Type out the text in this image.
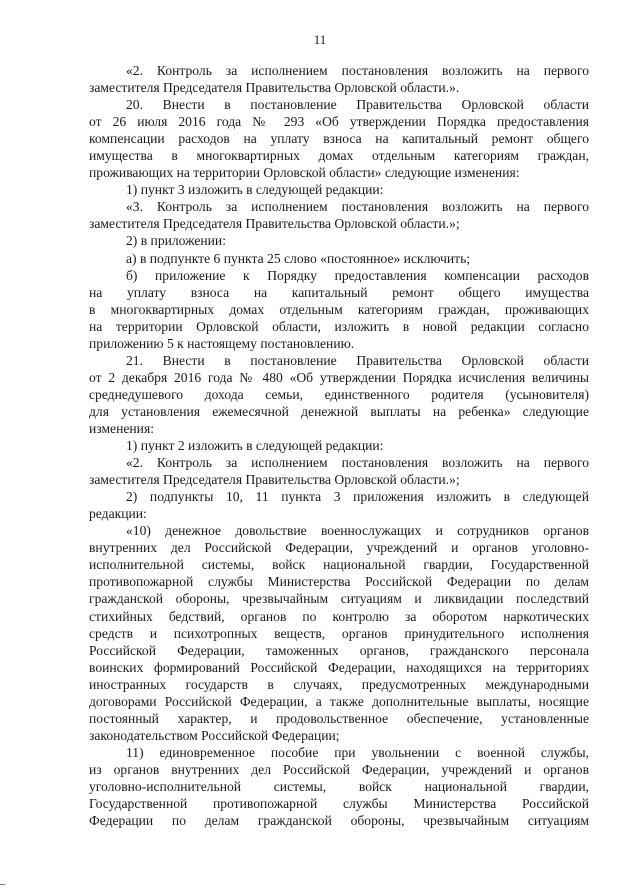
11
«2. Контроль за исполнением постановления возложить на первого
заместителя Председателя Правительства Орловской области.».
20. Внести в постановление Правительства Орловской области
от 26 июля 2016 года № 293 «Об утверждении Порядка предоставления
компенсации расходов на уплату взноса на капитальный ремонт общего
имущества в многоквартирных домах отдельным категориям граждан,
проживающих на территории Орловской области» следующие изменения:
1) пункт 3 изложить в следующей редакции:
«3. Контроль за исполнением постановления возложить на первого
заместителя Председателя Правительства Орловской области.»;
2) в приложении:
а) в подпункте 6 пункта 25 слово «постоянное» исключить;
б) приложение к Порядку предоставления компенсации расходов
на уплату взноса на капитальный ремонт общего имущества
в многоквартирных домах отдельным категориям граждан, проживающих
на территории Орловской области, изложить в новой редакции согласно
приложению 5 к настоящему постановлению.
21. Внести в постановление Правительства Орловской области
от 2 декабря 2016 года № 480 «Об утверждении Порядка исчисления величины
среднедушевого дохода семьи, единственного родителя (усыновителя)
для установления ежемесячной денежной выплаты на ребенка» следующие
изменения:
1) пункт 2 изложить в следующей редакции:
«2. Контроль за исполнением постановления возложить на первого
заместителя Председателя Правительства Орловской области.»;
2) подпункты 10, 11 пункта 3 приложения изложить в следующей
редакции:
«10) денежное довольствие военнослужащих и сотрудников органов
внутренних дел Российской Федерации, учреждений и органов уголовно-
исполнительной системы, войск национальной гвардии, Государственной
противопожарной службы Министерства Российской Федерации по делам
гражданской обороны, чрезвычайным ситуациям и ликвидации последствий
стихийных бедствий, органов по контролю за оборотом наркотических
средств и психотропных веществ, органов принудительного исполнения
Российской Федерации, таможенных органов, гражданского персонала
воинских формирований Российской Федерации, находящихся на территориях
иностранных государств в случаях, предусмотренных международными
договорами Российской Федерации, а также дополнительные выплаты, носящие
постоянный характер, и продовольственное обеспечение, установленные
законодательством Российской Федерации;
11) единовременное пособие при увольнении с военной службы,
из органов внутренних дел Российской Федерации, учреждений и органов
уголовно-исполнительной системы, войск национальной гвардии,
Государственной противопожарной службы Министерства Российской
Федерации по делам гражданской обороны, чрезвычайным ситуациям
